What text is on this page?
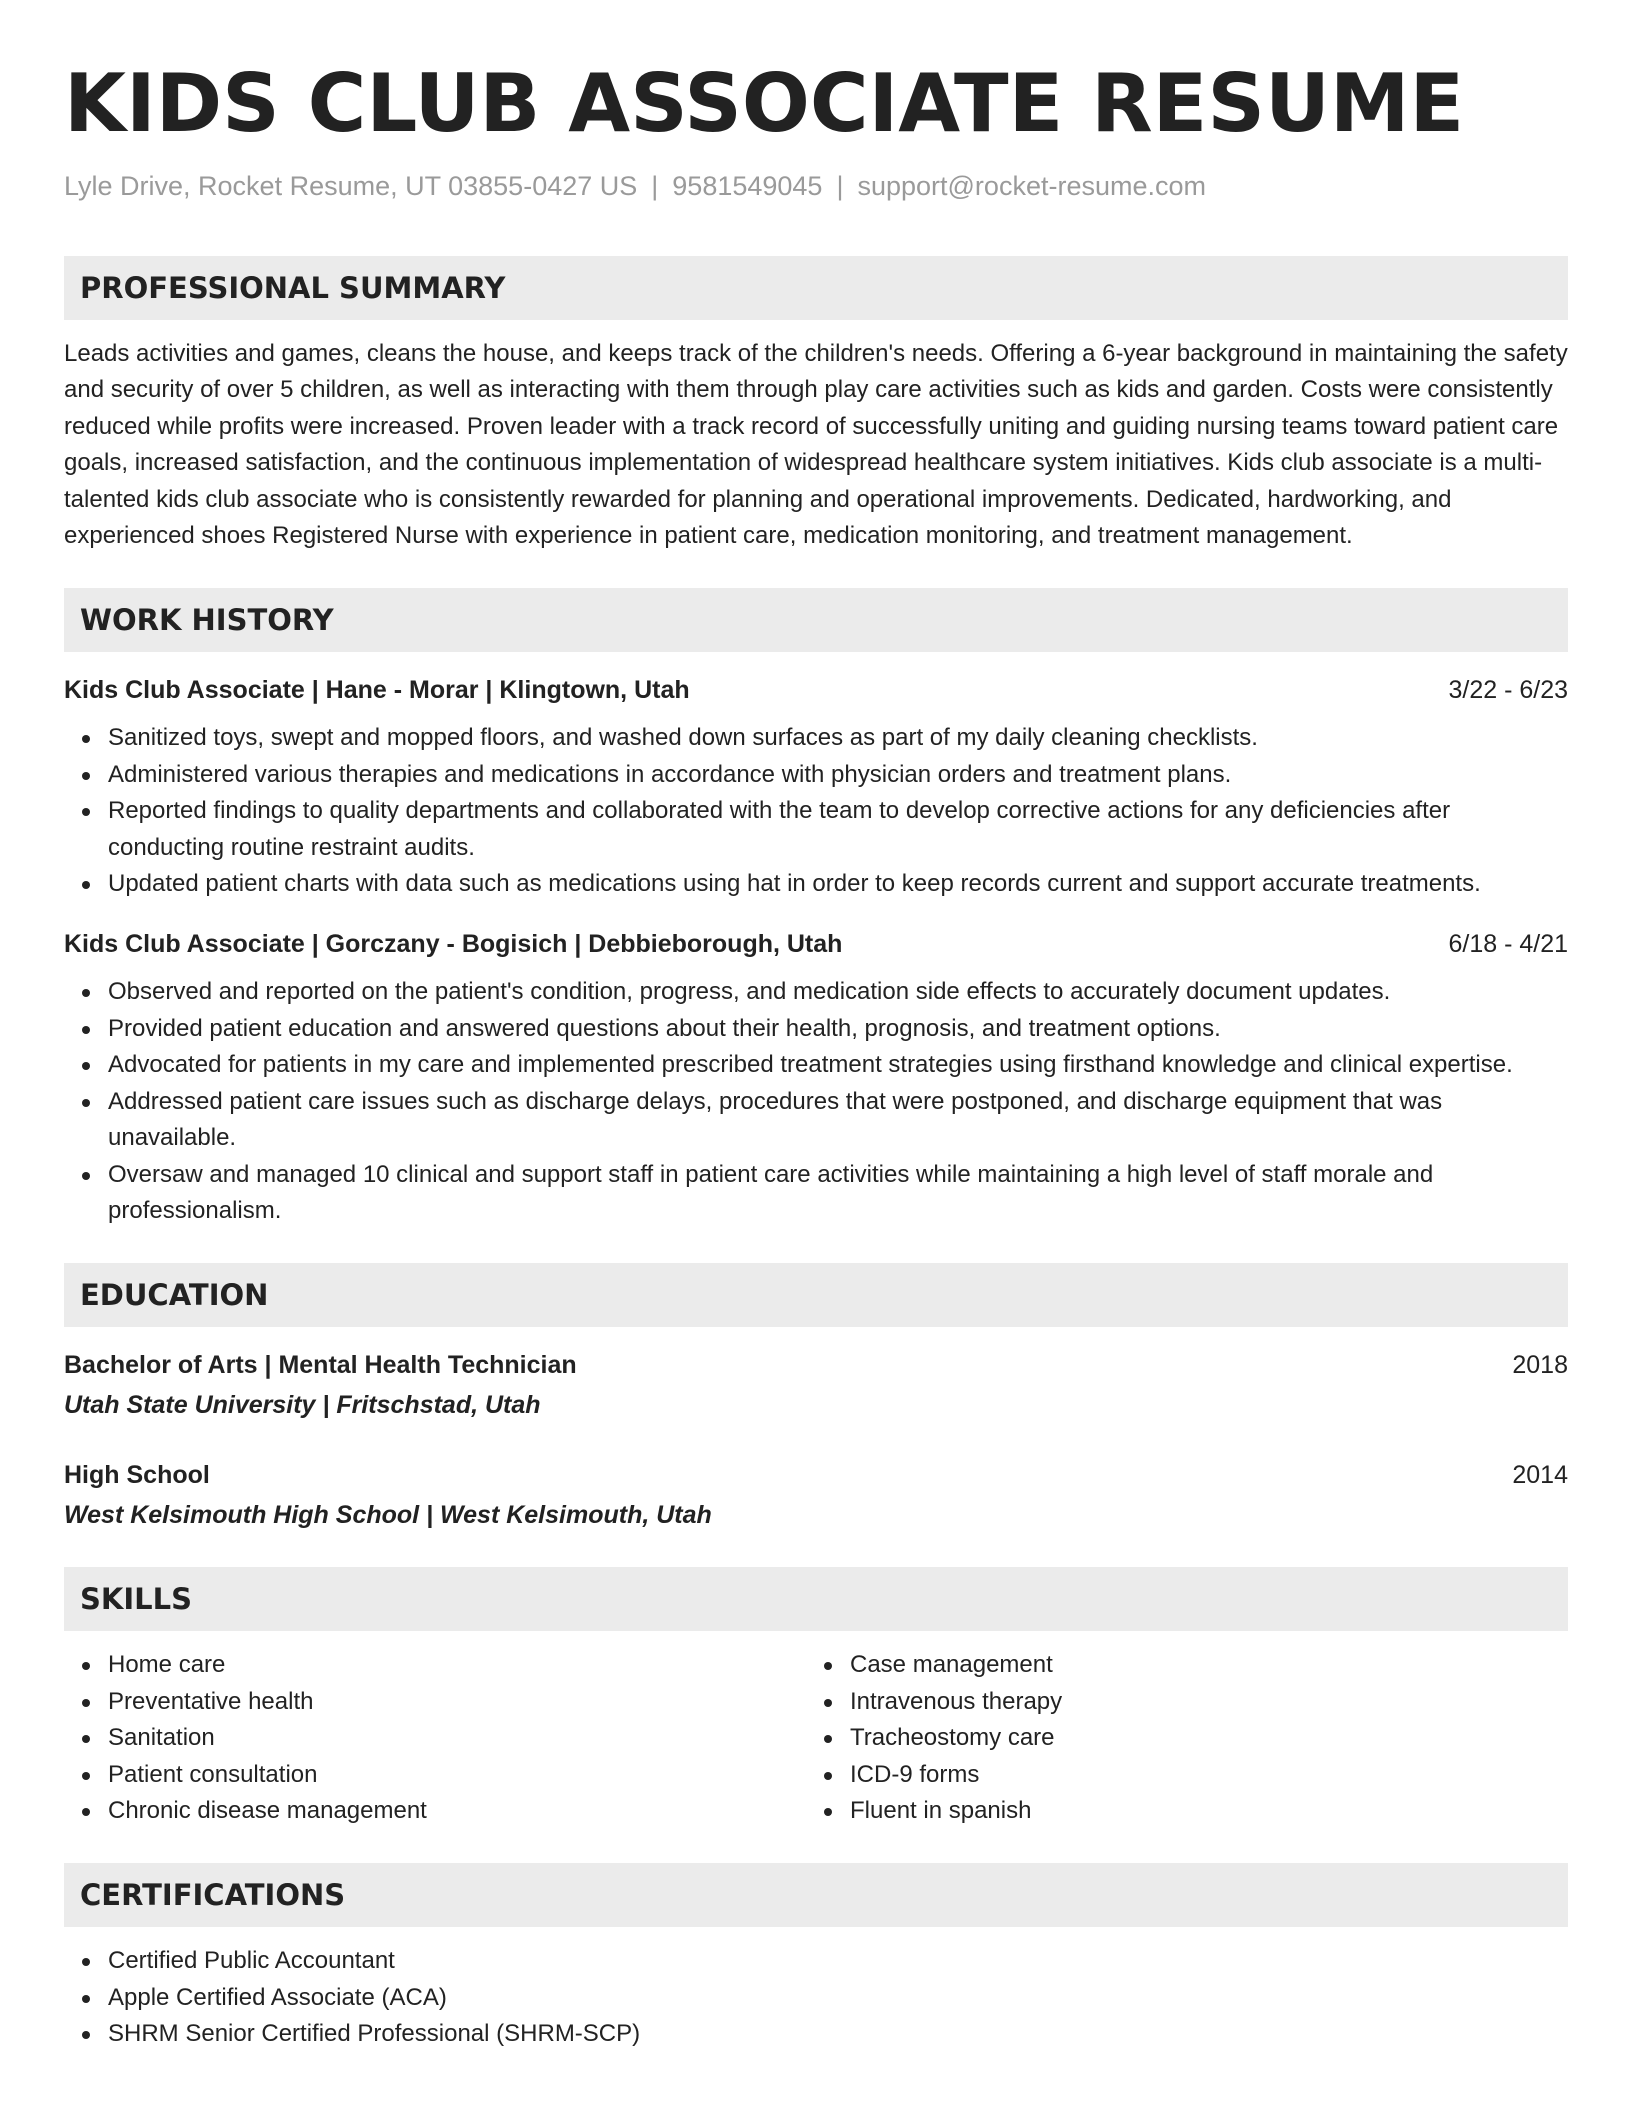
KIDS CLUB ASSOCIATE RESUME
Lyle Drive, Rocket Resume, UT 03855-0427 US | 9581549045 | support@rocket-resume.com
PROFESSIONAL SUMMARY

Leads activities and games, cleans the house, and keeps track of the children's needs. Offering a 6-year background in maintaining the safety and security of over 5 children, as well as interacting with them through play care activities such as kids and garden. Costs were consistently reduced while profits were increased. Proven leader with a track record of successfully uniting and guiding nursing teams toward patient care goals, increased satisfaction, and the continuous implementation of widespread healthcare system initiatives. Kids club associate is a multi-talented kids club associate who is consistently rewarded for planning and operational improvements. Dedicated, hardworking, and experienced shoes Registered Nurse with experience in patient care, medication monitoring, and treatment management.

WORK HISTORY
Kids Club Associate | Hane - Morar | Klingtown, Utah	3/22 - 6/23
Sanitized toys, swept and mopped floors, and washed down surfaces as part of my daily cleaning checklists.
Administered various therapies and medications in accordance with physician orders and treatment plans.
Reported findings to quality departments and collaborated with the team to develop corrective actions for any deficiencies after conducting routine restraint audits.
Updated patient charts with data such as medications using hat in order to keep records current and support accurate treatments.
Kids Club Associate | Gorczany - Bogisich | Debbieborough, Utah	6/18 - 4/21
Observed and reported on the patient's condition, progress, and medication side effects to accurately document updates.
Provided patient education and answered questions about their health, prognosis, and treatment options.
Advocated for patients in my care and implemented prescribed treatment strategies using firsthand knowledge and clinical expertise.
Addressed patient care issues such as discharge delays, procedures that were postponed, and discharge equipment that was unavailable.
Oversaw and managed 10 clinical and support staff in patient care activities while maintaining a high level of staff morale and professionalism.
EDUCATION
Bachelor of Arts | Mental Health Technician	2018
Utah State University | Fritschstad, Utah
High School	2014
West Kelsimouth High School | West Kelsimouth, Utah
SKILLS
Home care
Preventative health
Sanitation
Patient consultation
Chronic disease management
Case management
Intravenous therapy
Tracheostomy care
ICD-9 forms
Fluent in spanish
CERTIFICATIONS
Certified Public Accountant
Apple Certified Associate (ACA)
SHRM Senior Certified Professional (SHRM-SCP)
